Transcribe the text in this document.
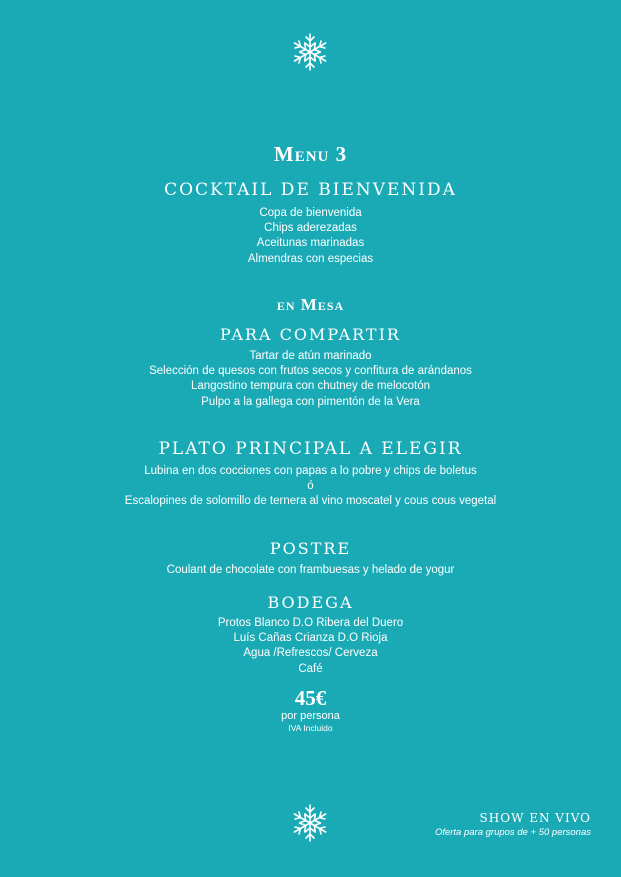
Menu 3
COCKTAIL DE BIENVENIDA
Copa de bienvenida
Chips aderezadas
Aceitunas marinadas
Almendras con especias
en Mesa
PARA COMPARTIR
Tartar de atún marinado
Selección de quesos con frutos secos y confitura de arándanos
Langostino tempura con chutney de melocotón
Pulpo a la gallega con pimentón de la Vera
PLATO PRINCIPAL A ELEGIR
Lubina en dos cocciones con papas a lo pobre y chips de boletus
ó
Escalopines de solomillo de ternera al vino moscatel y cous cous vegetal
POSTRE
Coulant de chocolate con frambuesas y helado de yogur
BODEGA
Protos Blanco D.O Ribera del Duero
Luís Cañas Crianza D.O Rioja
Agua /Refrescos/ Cerveza
Café
45€
por persona
IVA Incluido
SHOW EN VIVO
Oferta para grupos de + 50 personas
